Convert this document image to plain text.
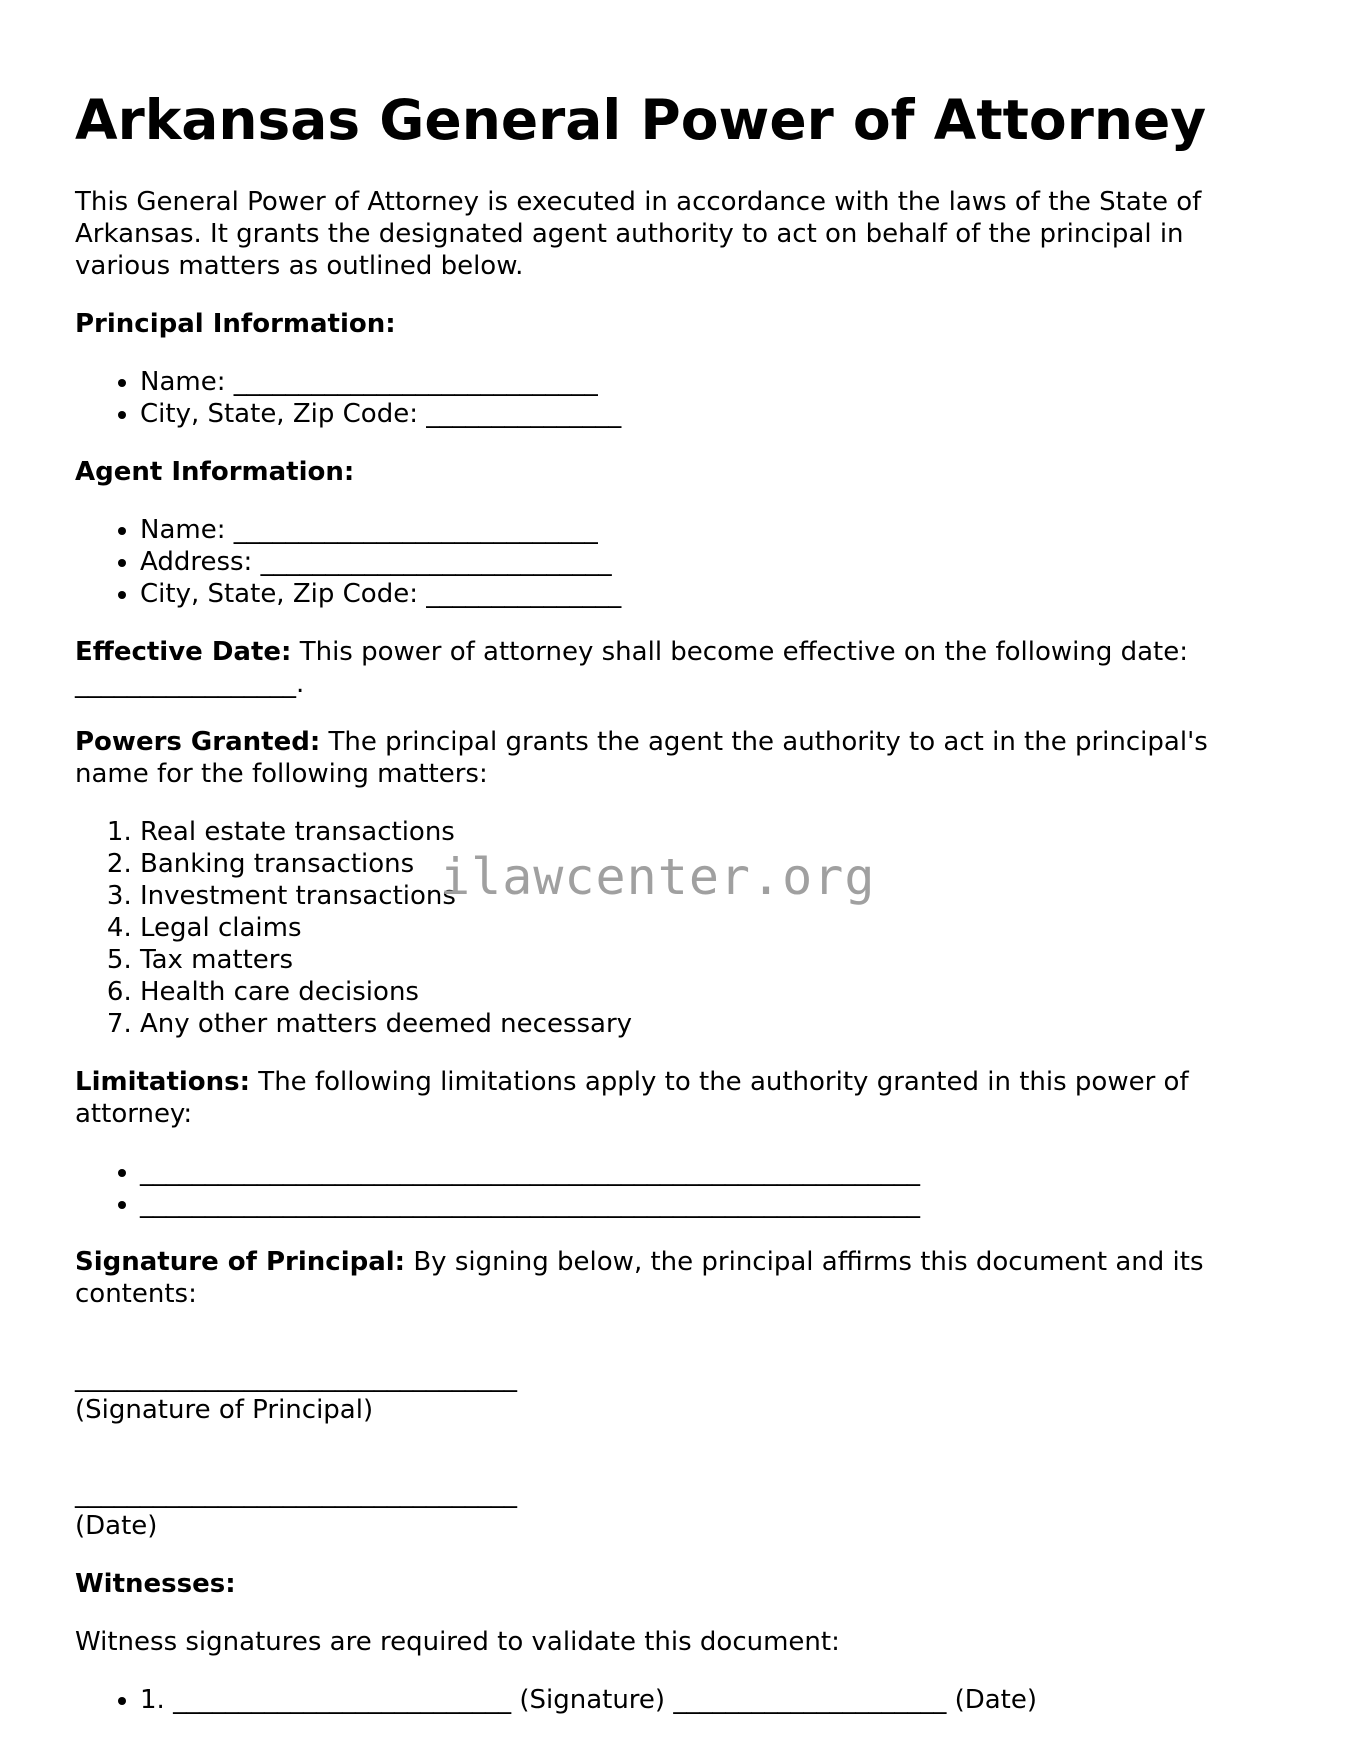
Arkansas General Power of Attorney

This General Power of Attorney is executed in accordance with the laws of the State of Arkansas. It grants the designated agent authority to act on behalf of the principal in various matters as outlined below.

Principal Information:

• Name: ____________________________
• City, State, Zip Code: _______________

Agent Information:

• Name: ____________________________
• Address: ___________________________
• City, State, Zip Code: _______________

Effective Date: This power of attorney shall become effective on the following date: _________________.

Powers Granted: The principal grants the agent the authority to act in the principal's name for the following matters:

1. Real estate transactions
2. Banking transactions
3. Investment transactions
4. Legal claims
5. Tax matters
6. Health care decisions
7. Any other matters deemed necessary

Limitations: The following limitations apply to the authority granted in this power of attorney:

• ____________________________________________________________
• ____________________________________________________________

Signature of Principal: By signing below, the principal affirms this document and its contents:

__________________________________
(Signature of Principal)
__________________________________
(Date)

Witnesses:

Witness signatures are required to validate this document:

• 1. __________________________ (Signature) _____________________ (Date)
ilawcenter.org
